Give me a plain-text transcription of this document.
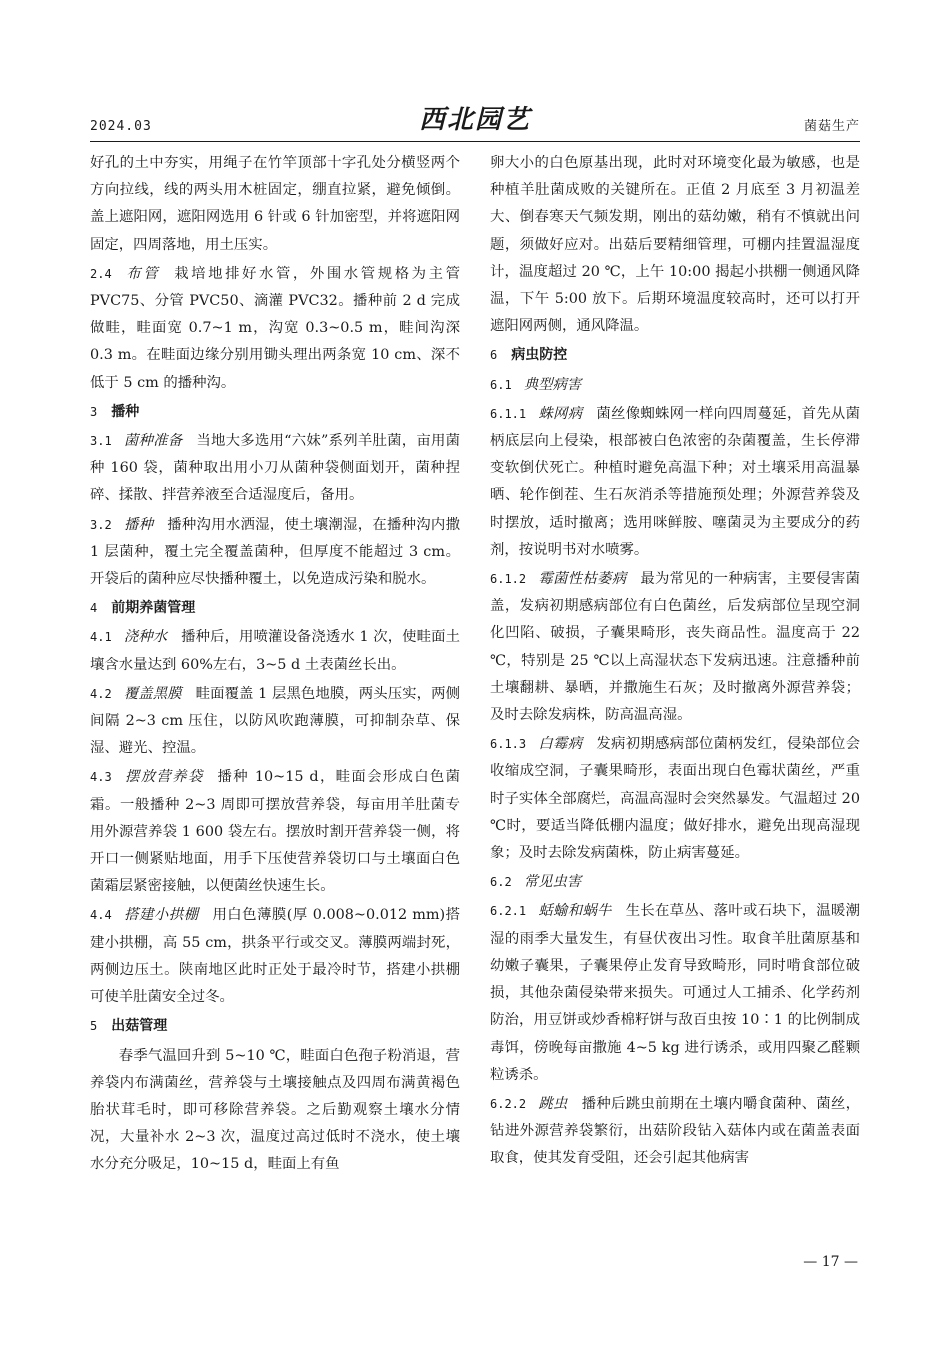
2024.03	西北园艺	菌菇生产

好孔的土中夯实，用绳子在竹竿顶部十字孔处分横竖两个方向拉线，线的两头用木桩固定，绷直拉紧，避免倾倒。盖上遮阳网，遮阳网选用 6 针或 6 针加密型，并将遮阳网固定，四周落地，用土压实。

2.4 布管 栽培地排好水管，外围水管规格为主管 PVC75、分管 PVC50、滴灌 PVC32。播种前 2 d 完成做畦，畦面宽 0.7~1 m，沟宽 0.3~0.5 m，畦间沟深 0.3 m。在畦面边缘分别用锄头理出两条宽 10 cm、深不低于 5 cm 的播种沟。

3 播种

3.1 菌种准备 当地大多选用“六妹”系列羊肚菌，亩用菌种 160 袋，菌种取出用小刀从菌种袋侧面划开，菌种捏碎、揉散、拌营养液至合适湿度后，备用。

3.2 播种 播种沟用水洒湿，使土壤潮湿，在播种沟内撒 1 层菌种，覆土完全覆盖菌种，但厚度不能超过 3 cm。开袋后的菌种应尽快播种覆土，以免造成污染和脱水。

4 前期养菌管理

4.1 浇种水 播种后，用喷灌设备浇透水 1 次，使畦面土壤含水量达到 60%左右，3~5 d 土表菌丝长出。

4.2 覆盖黑膜 畦面覆盖 1 层黑色地膜，两头压实，两侧间隔 2~3 cm 压住，以防风吹跑薄膜，可抑制杂草、保湿、避光、控温。

4.3 摆放营养袋 播种 10~15 d，畦面会形成白色菌霜。一般播种 2~3 周即可摆放营养袋，每亩用羊肚菌专用外源营养袋 1 600 袋左右。摆放时割开营养袋一侧，将开口一侧紧贴地面，用手下压使营养袋切口与土壤面白色菌霜层紧密接触，以便菌丝快速生长。

4.4 搭建小拱棚 用白色薄膜(厚 0.008~0.012 mm)搭建小拱棚，高 55 cm，拱条平行或交叉。薄膜两端封死，两侧边压土。陕南地区此时正处于最冷时节，搭建小拱棚可使羊肚菌安全过冬。

5 出菇管理

春季气温回升到 5~10 ℃，畦面白色孢子粉消退，营养袋内布满菌丝，营养袋与土壤接触点及四周布满黄褐色胎状茸毛时，即可移除营养袋。之后勤观察土壤水分情况，大量补水 2~3 次，温度过高过低时不浇水，使土壤水分充分吸足，10~15 d，畦面上有鱼

卵大小的白色原基出现，此时对环境变化最为敏感，也是种植羊肚菌成败的关键所在。正值 2 月底至 3 月初温差大、倒春寒天气频发期，刚出的菇幼嫩，稍有不慎就出问题，须做好应对。出菇后要精细管理，可棚内挂置温湿度计，温度超过 20 ℃，上午 10:00 揭起小拱棚一侧通风降温，下午 5:00 放下。后期环境温度较高时，还可以打开遮阳网两侧，通风降温。

6 病虫防控

6.1 典型病害

6.1.1 蛛网病 菌丝像蜘蛛网一样向四周蔓延，首先从菌柄底层向上侵染，根部被白色浓密的杂菌覆盖，生长停滞变软倒伏死亡。种植时避免高温下种；对土壤采用高温暴晒、轮作倒茬、生石灰消杀等措施预处理；外源营养袋及时摆放，适时撤离；选用咪鲜胺、噻菌灵为主要成分的药剂，按说明书对水喷雾。

6.1.2 霉菌性枯萎病 最为常见的一种病害，主要侵害菌盖，发病初期感病部位有白色菌丝，后发病部位呈现空洞化凹陷、破损，子囊果畸形，丧失商品性。温度高于 22 ℃，特别是 25 ℃以上高湿状态下发病迅速。注意播种前土壤翻耕、暴晒，并撒施生石灰；及时撤离外源营养袋；及时去除发病株，防高温高湿。

6.1.3 白霉病 发病初期感病部位菌柄发红，侵染部位会收缩成空洞，子囊果畸形，表面出现白色霉状菌丝，严重时子实体全部腐烂，高温高湿时会突然暴发。气温超过 20 ℃时，要适当降低棚内温度；做好排水，避免出现高湿现象；及时去除发病菌株，防止病害蔓延。

6.2 常见虫害

6.2.1 蛞蝓和蜗牛 生长在草丛、落叶或石块下，温暖潮湿的雨季大量发生，有昼伏夜出习性。取食羊肚菌原基和幼嫩子囊果，子囊果停止发育导致畸形，同时啃食部位破损，其他杂菌侵染带来损失。可通过人工捕杀、化学药剂防治，用豆饼或炒香棉籽饼与敌百虫按 10∶1 的比例制成毒饵，傍晚每亩撒施 4~5 kg 进行诱杀，或用四聚乙醛颗粒诱杀。

6.2.2 跳虫 播种后跳虫前期在土壤内嚼食菌种、菌丝，钻进外源营养袋繁衍，出菇阶段钻入菇体内或在菌盖表面取食，使其发育受阻，还会引起其他病害

— 17 —
